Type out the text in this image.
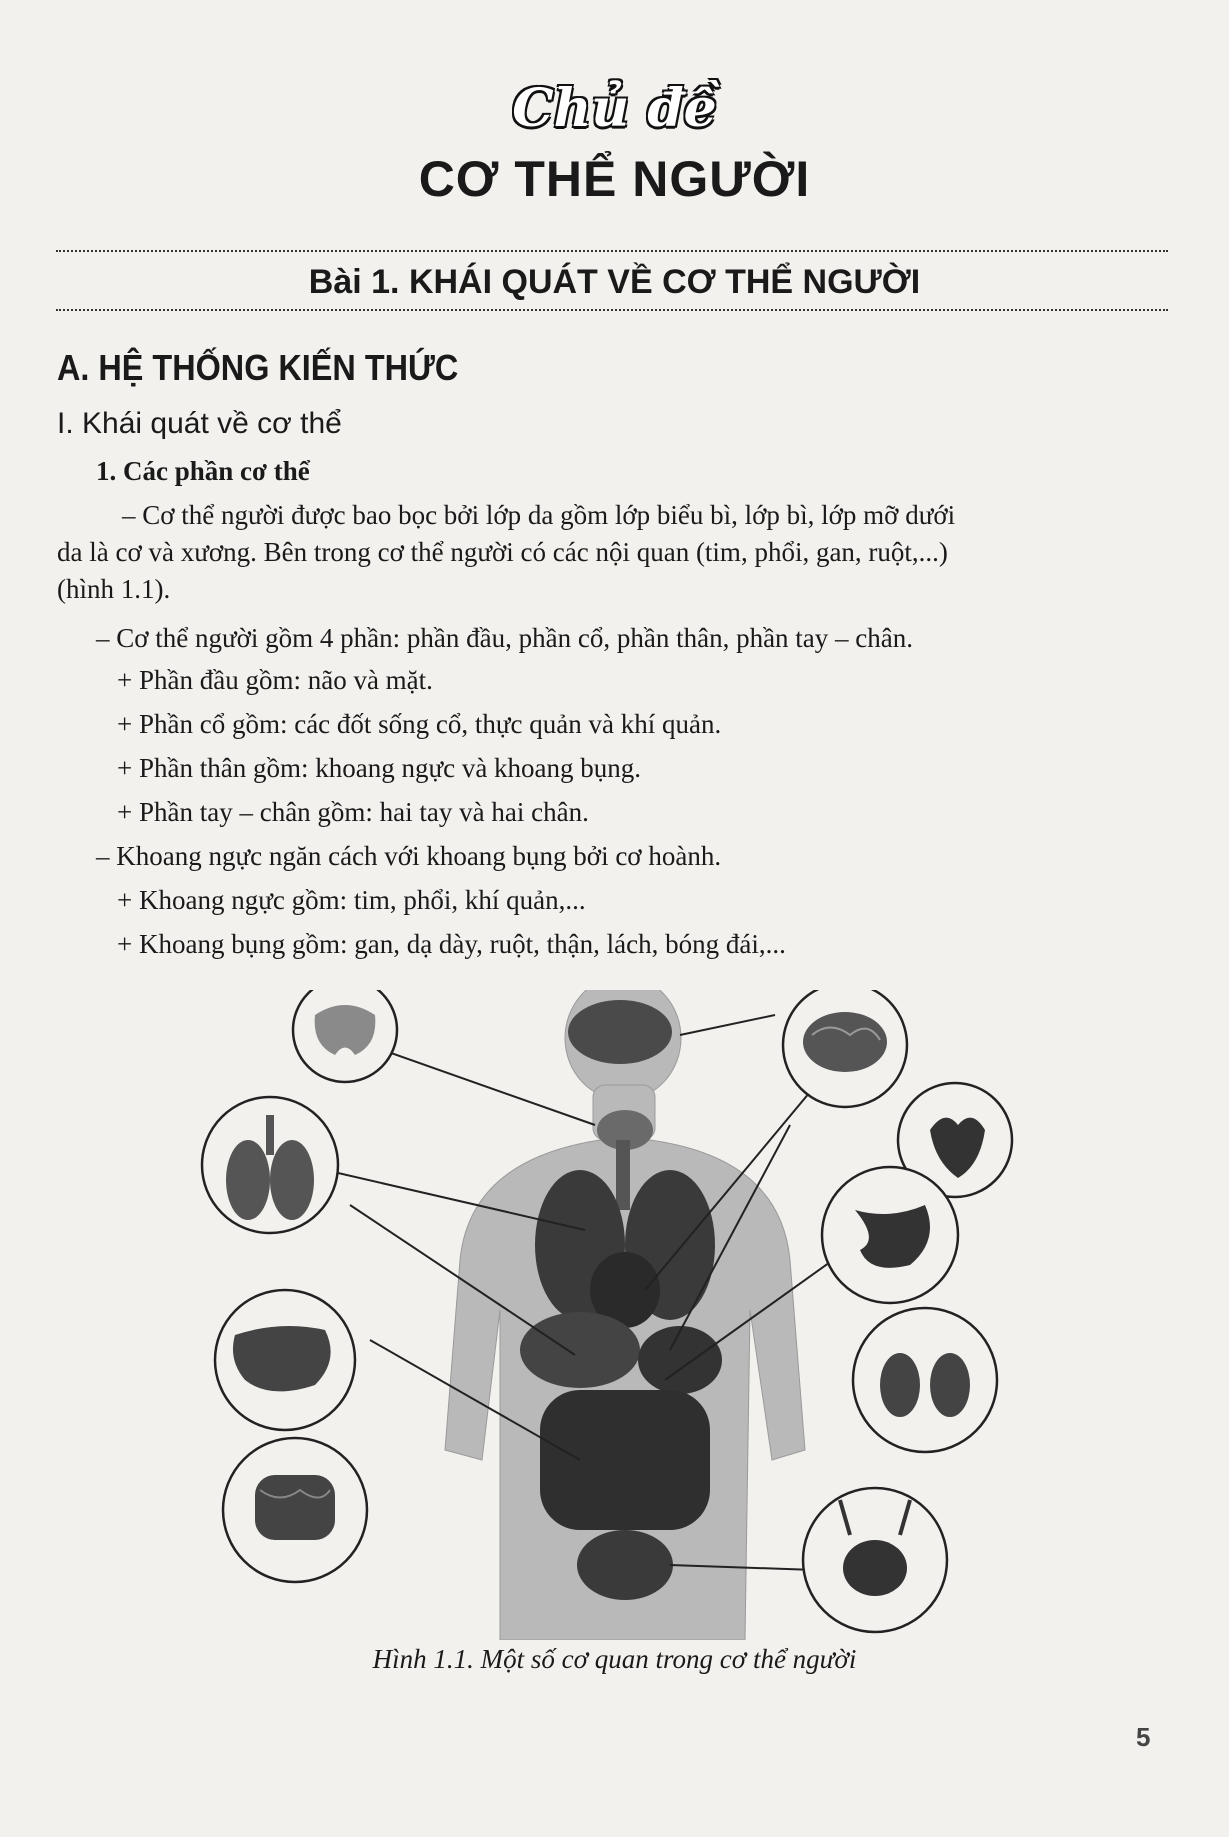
Chủ đề
CƠ THỂ NGƯỜI
Bài 1. KHÁI QUÁT VỀ CƠ THỂ NGƯỜI
A. HỆ THỐNG KIẾN THỨC
I. Khái quát về cơ thể
1. Các phần cơ thể
– Cơ thể người được bao bọc bởi lớp da gồm lớp biểu bì, lớp bì, lớp mỡ dưới
da là cơ và xương. Bên trong cơ thể người có các nội quan (tim, phổi, gan, ruột,...)
(hình 1.1).
– Cơ thể người gồm 4 phần: phần đầu, phần cổ, phần thân, phần tay – chân.
+ Phần đầu gồm: não và mặt.
+ Phần cổ gồm: các đốt sống cổ, thực quản và khí quản.
+ Phần thân gồm: khoang ngực và khoang bụng.
+ Phần tay – chân gồm: hai tay và hai chân.
– Khoang ngực ngăn cách với khoang bụng bởi cơ hoành.
+ Khoang ngực gồm: tim, phổi, khí quản,...
+ Khoang bụng gồm: gan, dạ dày, ruột, thận, lách, bóng đái,...
Hình 1.1. Một số cơ quan trong cơ thể người
5
